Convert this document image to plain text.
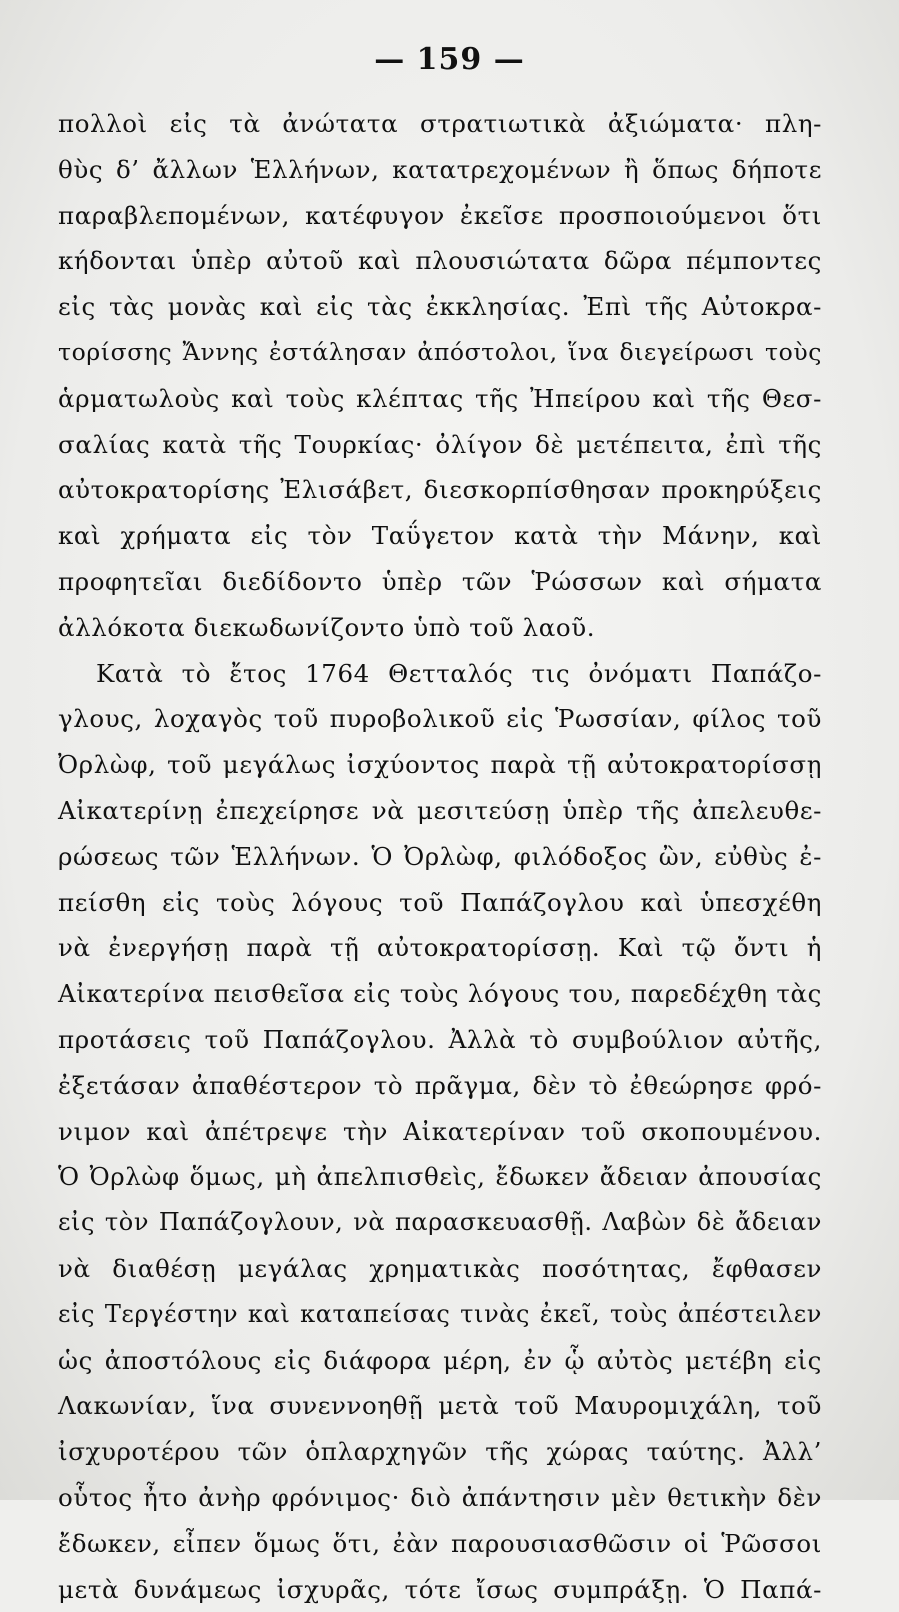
— 159 —
πολλοὶ εἰς τὰ ἀνώτατα στρατιωτικὰ ἀξιώματα· πλη-
θὺς δ’ ἄλλων Ἑλλήνων, κατατρεχομένων ἢ ὅπως δήποτε
παραβλεπομένων, κατέφυγον ἐκεῖσε προσποιούμενοι ὅτι
κήδονται ὑπὲρ αὐτοῦ καὶ πλουσιώτατα δῶρα πέμποντες
εἰς τὰς μονὰς καὶ εἰς τὰς ἐκκλησίας. Ἐπὶ τῆς Αὐτοκρα-
τορίσσης Ἄννης ἐστάλησαν ἀπόστολοι, ἵνα διεγείρωσι τοὺς
ἁρματωλοὺς καὶ τοὺς κλέπτας τῆς Ἠπείρου καὶ τῆς Θεσ-
σαλίας κατὰ τῆς Τουρκίας· ὀλίγον δὲ μετέπειτα, ἐπὶ τῆς
αὐτοκρατορίσης Ἐλισάβετ, διεσκορπίσθησαν προκηρύξεις
καὶ χρήματα εἰς τὸν Ταΰγετον κατὰ τὴν Μάνην, καὶ
προφητεῖαι διεδίδοντο ὑπὲρ τῶν Ῥώσσων καὶ σήματα
ἀλλόκοτα διεκωδωνίζοντο ὑπὸ τοῦ λαοῦ.
Κατὰ τὸ ἔτος 1764 Θετταλός τις ὀνόματι Παπάζο-
γλους, λοχαγὸς τοῦ πυροβολικοῦ εἰς Ῥωσσίαν, φίλος τοῦ
Ὀρλὼφ, τοῦ μεγάλως ἰσχύοντος παρὰ τῇ αὐτοκρατορίσσῃ
Αἰκατερίνῃ ἐπεχείρησε νὰ μεσιτεύσῃ ὑπὲρ τῆς ἀπελευθε-
ρώσεως τῶν Ἑλλήνων. Ὁ Ὀρλὼφ, φιλόδοξος ὢν, εὐθὺς ἐ-
πείσθη εἰς τοὺς λόγους τοῦ Παπάζογλου καὶ ὑπεσχέθη
νὰ ἐνεργήσῃ παρὰ τῇ αὐτοκρατορίσσῃ. Καὶ τῷ ὄντι ἡ
Αἰκατερίνα πεισθεῖσα εἰς τοὺς λόγους του, παρεδέχθη τὰς
προτάσεις τοῦ Παπάζογλου. Ἀλλὰ τὸ συμβούλιον αὐτῆς,
ἐξετάσαν ἀπαθέστερον τὸ πρᾶγμα, δὲν τὸ ἐθεώρησε φρό-
νιμον καὶ ἀπέτρεψε τὴν Αἰκατερίναν τοῦ σκοπουμένου.
Ὁ Ὀρλὼφ ὅμως, μὴ ἀπελπισθεὶς, ἔδωκεν ἄδειαν ἀπουσίας
εἰς τὸν Παπάζογλουν, νὰ παρασκευασθῇ. Λαβὼν δὲ ἄδειαν
νὰ διαθέσῃ μεγάλας χρηματικὰς ποσότητας, ἔφθασεν
εἰς Τεργέστην καὶ καταπείσας τινὰς ἐκεῖ, τοὺς ἀπέστειλεν
ὡς ἀποστόλους εἰς διάφορα μέρη, ἐν ᾧ αὐτὸς μετέβη εἰς
Λακωνίαν, ἵνα συνεννοηθῇ μετὰ τοῦ Μαυρομιχάλη, τοῦ
ἰσχυροτέρου τῶν ὁπλαρχηγῶν τῆς χώρας ταύτης. Ἀλλ’
οὗτος ἦτο ἀνὴρ φρόνιμος· διὸ ἀπάντησιν μὲν θετικὴν δὲν
ἔδωκεν, εἶπεν ὅμως ὅτι, ἐὰν παρουσιασθῶσιν οἱ Ῥῶσσοι
μετὰ δυνάμεως ἰσχυρᾶς, τότε ἴσως συμπράξῃ. Ὁ Παπά-
